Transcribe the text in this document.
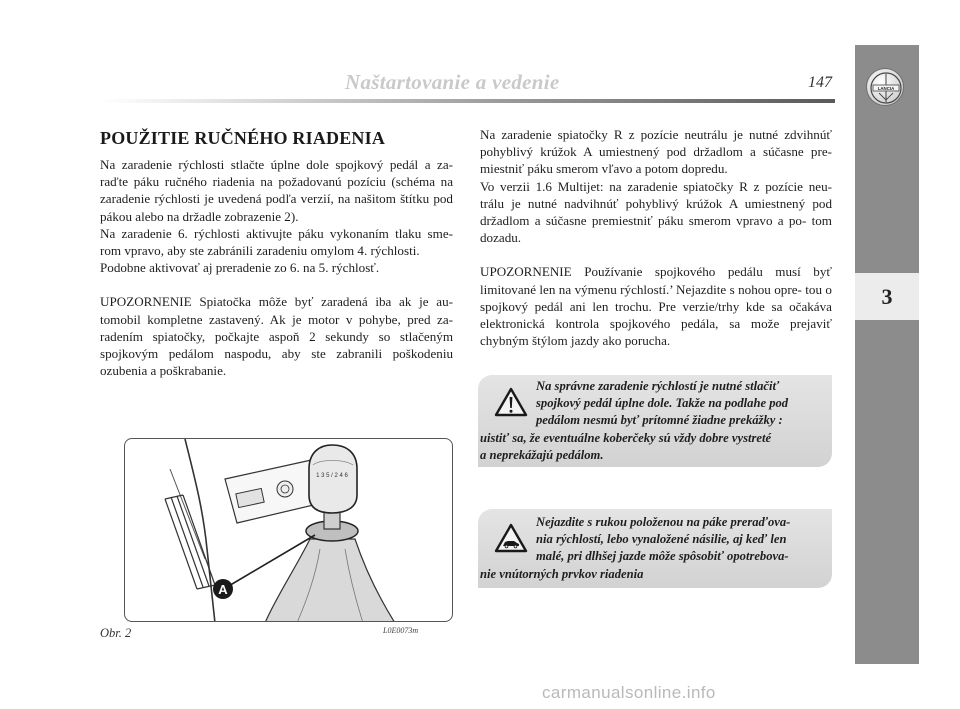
Naštartovanie a vedenie	147	LANCIA
3
POUŽITIE RUČNÉHO RIADENIA

Na zaradenie rýchlosti stlačte úplne dole spojkový pedál a za- raďte páku ručného riadenia na požadovanú pozíciu (schéma na zaradenie rýchlosti je uvedená podľa verzií, na našitom štítku pod pákou alebo na držadle zobrazenie 2).
Na zaradenie 6. rýchlosti aktivujte páku vykonaním tlaku sme- rom vpravo, aby ste zabránili zaradeniu omylom 4. rýchlosti.
Podobne aktivovať aj preradenie zo 6. na 5. rýchlosť.

UPOZORNENIE Spiatočka môže byť zaradená iba ak je au- tomobil kompletne zastavený. Ak je motor v pohybe, pred za- radením spiatočky, počkajte aspoň 2 sekundy so stlačeným spojkovým pedálom naspodu, aby ste zabranili poškodeniu ozubenia a poškrabanie.

Na zaradenie spiatočky R z pozície neutrálu je nutné zdvihnúť pohyblivý krúžok A umiestnený pod držadlom a súčasne pre- miestniť páku smerom vľavo a potom dopredu.
Vo verzii 1.6 Multijet: na zaradenie spiatočky R z pozície neu- trálu je nutné nadvihnúť pohyblivý krúžok A umiestnený pod držadlom a súčasne premiestniť páku smerom vpravo a po- tom dozadu.

UPOZORNENIE Používanie spojkového pedálu musí byť limitované len na výmenu rýchlostí.’ Nejazdite s nohou opre- tou o spojkový pedál ani len trochu. Pre verzie/trhy kde sa očakáva elektronická kontrola spojkového pedála, sa može prejaviť chybným štýlom jazdy ako porucha.

Na správne zaradenie rýchlostí je nutné stlačiť
spojkový pedál úplne dole. Takže na podlahe pod
pedálom nesmú byť prítomné žiadne prekážky :
uistiť sa, že eventuálne koberčeky sú vždy dobre vystreté
a neprekážajú pedálom.
Nejazdite s rukou položenou na páke preraďova-
nia rýchlostí, lebo vynaložené násilie, aj keď len
malé, pri dlhšej jazde môže spôsobiť opotrebova-
nie vnútorných prvkov riadenia
1 3 5 / 2 4 6
A
Obr. 2	L0E0073m
carmanualsonline.info
